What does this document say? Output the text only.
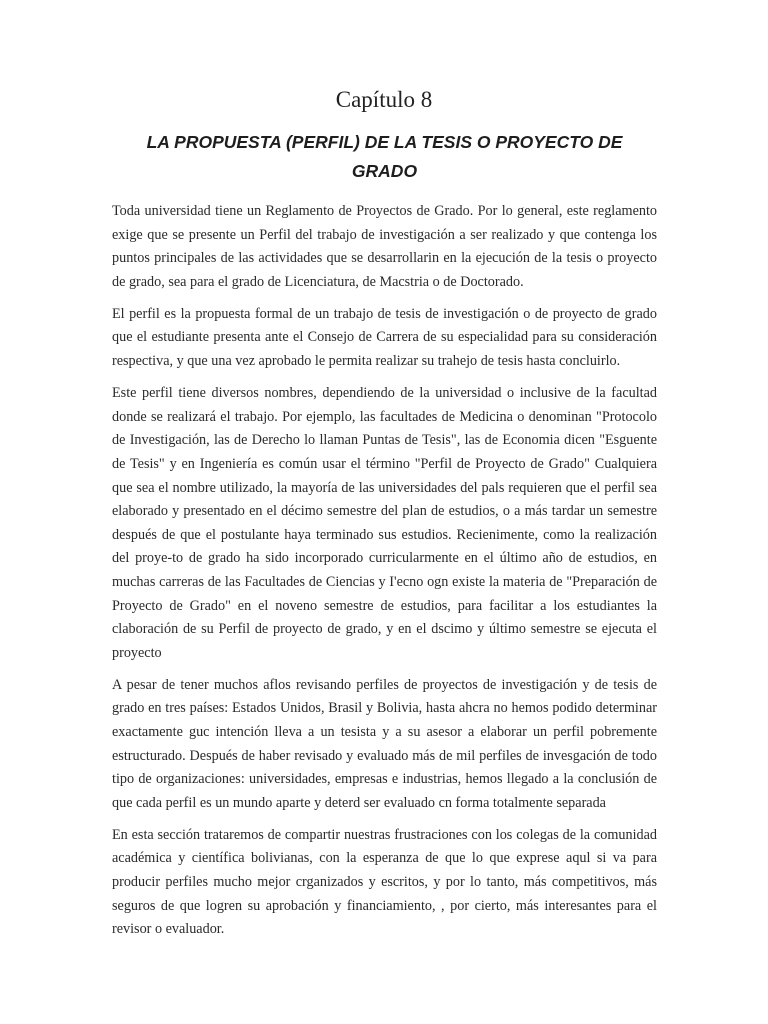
Capítulo 8
LA PROPUESTA (PERFIL) DE LA TESIS O PROYECTO DE GRADO

Toda universidad tiene un Reglamento de Proyectos de Grado. Por lo general, este reglamento exige que se presente un Perfil del trabajo de investigación a ser realizado y que contenga los puntos principales de las actividades que se desarrollarin en la ejecución de la tesis o proyecto de grado, sea para el grado de Licenciatura, de Macstria o de Doctorado.

El perfil es la propuesta formal de un trabajo de tesis de investigación o de proyecto de grado que el estudiante presenta ante el Consejo de Carrera de su especialidad para su consideración respectiva, y que una vez aprobado le permita realizar su trahejo de tesis hasta concluirlo.

Este perfil tiene diversos nombres, dependiendo de la universidad o inclusive de la facultad donde se realizará el trabajo. Por ejemplo, las facultades de Medicina o denominan "Protocolo de Investigación, las de Derecho lo llaman Puntas de Tesis", las de Economia dicen "Esguente de Tesis" y en Ingeniería es común usar el término "Perfil de Proyecto de Grado" Cualquiera que sea el nombre utilizado, la mayoría de las universidades del pals requieren que el perfil sea elaborado y presentado en el décimo semestre del plan de estudios, o a más tardar un semestre después de que el postulante haya terminado sus estudios. Recienimente, como la realización del proye-to de grado ha sido incorporado curricularmente en el último año de estudios, en muchas carreras de las Facultades de Ciencias y I'ecno ogn existe la materia de "Preparación de Proyecto de Grado" en el noveno semestre de estudios, para facilitar a los estudiantes la claboración de su Perfil de proyecto de grado, y en el dscimo y último semestre se ejecuta el proyecto

A pesar de tener muchos aflos revisando perfiles de proyectos de investigación y de tesis de grado en tres países: Estados Unidos, Brasil y Bolivia, hasta ahcra no hemos podido determinar exactamente guc intención lleva a un tesista y a su asesor a elaborar un perfil pobremente estructurado. Después de haber revisado y evaluado más de mil perfiles de invesgación de todo tipo de organizaciones: universidades, empresas e industrias, hemos llegado a la conclusión de que cada perfil es un mundo aparte y deterd ser evaluado cn forma totalmente separada

En esta sección trataremos de compartir nuestras frustraciones con los colegas de la comunidad académica y científica bolivianas, con la esperanza de que lo que exprese aqul si va para producir perfiles mucho mejor crganizados y escritos, y por lo tanto, más competitivos, más seguros de que logren su aprobación y financiamiento, , por cierto, más interesantes para el revisor o evaluador.
